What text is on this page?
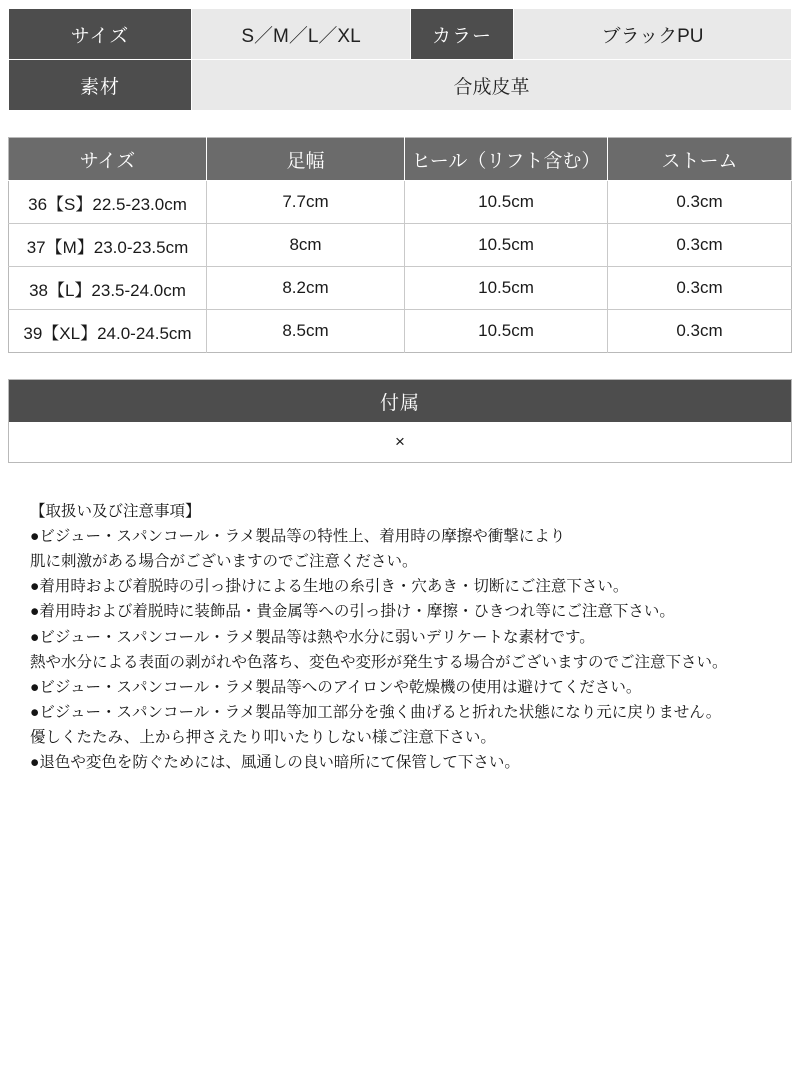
サイズ	S／M／L／XL	カラー	ブラックPU
素材	合成皮革		
サイズ	足幅	ヒール（リフト含む）	ストーム
36【S】22.5-23.0cm	7.7cm	10.5cm	0.3cm
37【M】23.0-23.5cm	8cm	10.5cm	0.3cm
38【L】23.5-24.0cm	8.2cm	10.5cm	0.3cm
39【XL】24.0-24.5cm	8.5cm	10.5cm	0.3cm
付属
×
【取扱い及び注意事項】
●ビジュー・スパンコール・ラメ製品等の特性上、着用時の摩擦や衝撃により
肌に刺激がある場合がございますのでご注意ください。
●着用時および着脱時の引っ掛けによる生地の糸引き・穴あき・切断にご注意下さい。
●着用時および着脱時に装飾品・貴金属等への引っ掛け・摩擦・ひきつれ等にご注意下さい。
●ビジュー・スパンコール・ラメ製品等は熱や水分に弱いデリケートな素材です。
熱や水分による表面の剥がれや色落ち、変色や変形が発生する場合がございますのでご注意下さい。
●ビジュー・スパンコール・ラメ製品等へのアイロンや乾燥機の使用は避けてください。
●ビジュー・スパンコール・ラメ製品等加工部分を強く曲げると折れた状態になり元に戻りません。
優しくたたみ、上から押さえたり叩いたりしない様ご注意下さい。
●退色や変色を防ぐためには、風通しの良い暗所にて保管して下さい。
